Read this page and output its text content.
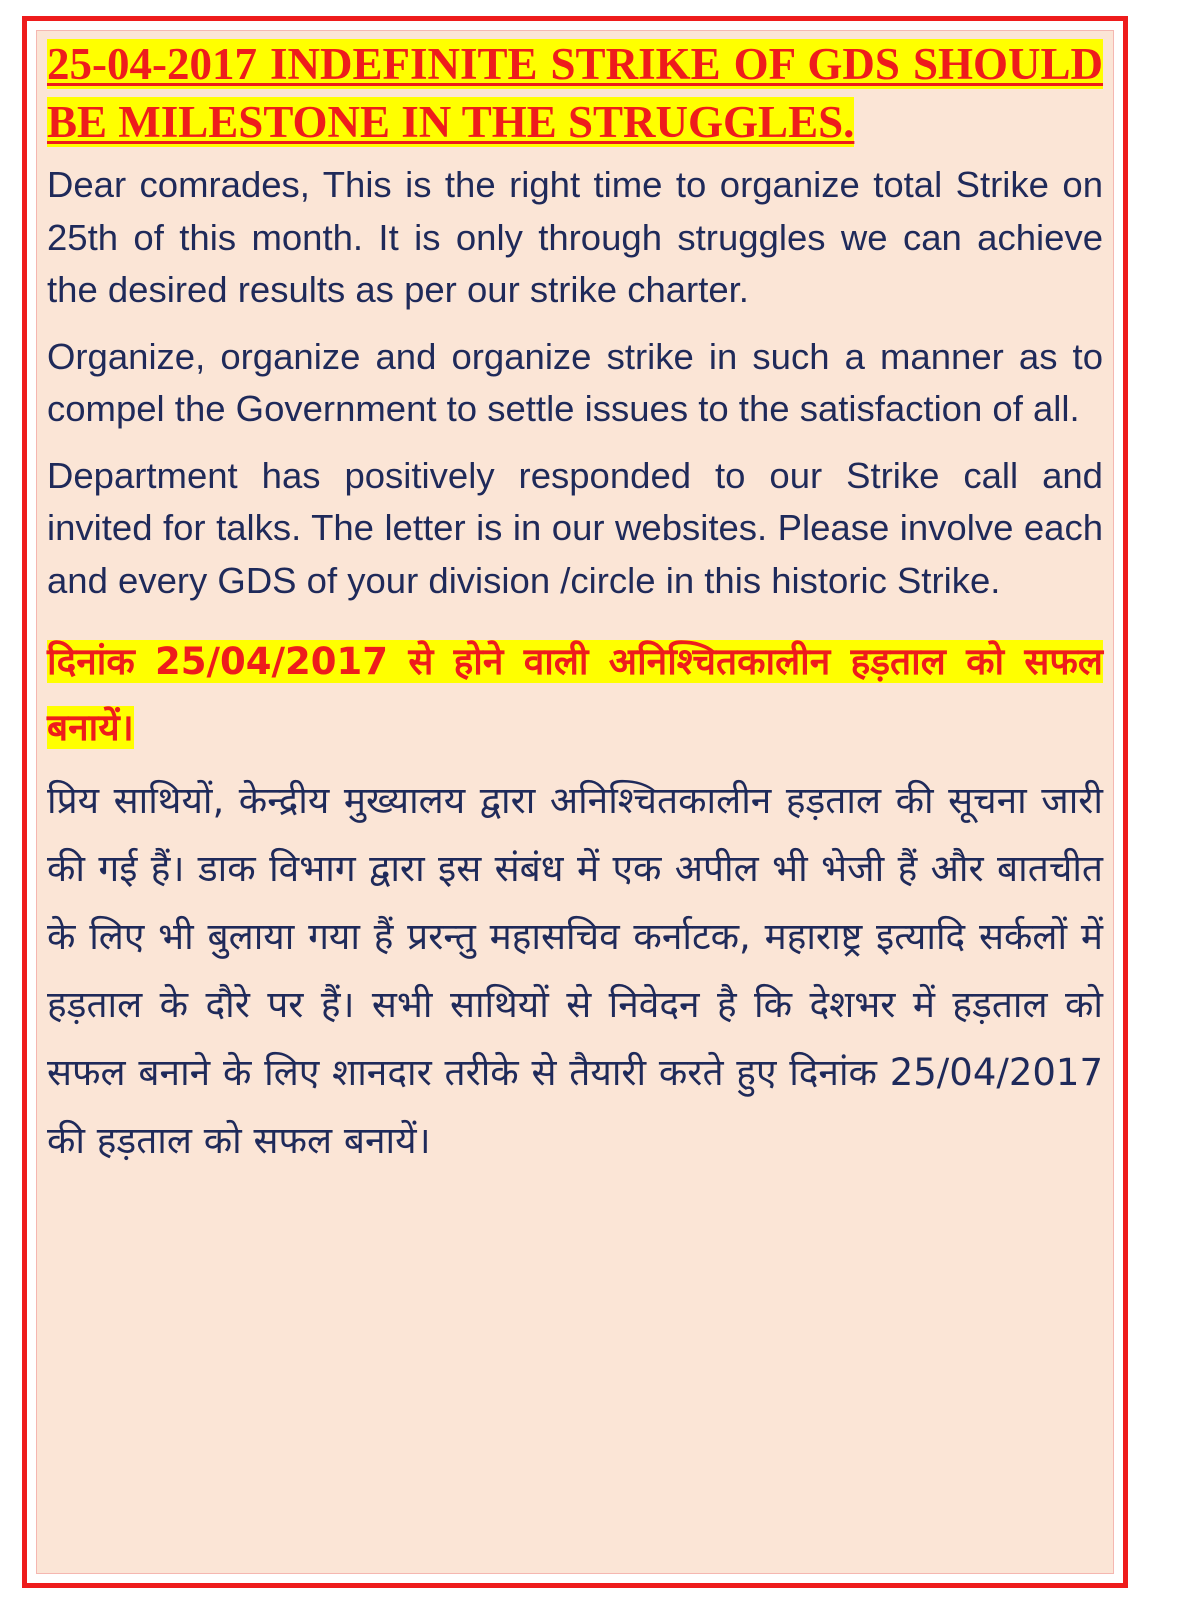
25-04-2017 INDEFINITE STRIKE OF GDS SHOULD BE MILESTONE IN THE STRUGGLES.

Dear comrades, This is the right time to organize total Strike on 25th of this month. It is only through struggles we can achieve the desired results as per our strike charter.

Organize, organize and organize strike in such a manner as to compel the Government to settle issues to the satisfaction of all.

Department has positively responded to our Strike call and invited for talks. The letter is in our websites. Please involve each and every GDS of your division /circle in this historic Strike.

दिनांक 25/04/2017 से होने वाली अनिश्चितकालीन हड़ताल को सफल बनायें।

प्रिय साथियों, केन्द्रीय मुख्यालय द्वारा अनिश्चितकालीन हड़ताल की सूचना जारी की गई हैं। डाक विभाग द्वारा इस संबंध में एक अपील भी भेजी हैं और बातचीत के लिए भी बुलाया गया हैं प्ररन्तु महासचिव कर्नाटक, महाराष्ट्र इत्यादि सर्कलों में हड़ताल के दौरे पर हैं। सभी साथियों से निवेदन है कि देशभर में हड़ताल को सफल बनाने के लिए शानदार तरीके से तैयारी करते हुए दिनांक 25/04/2017 की हड़ताल को सफल बनायें।
